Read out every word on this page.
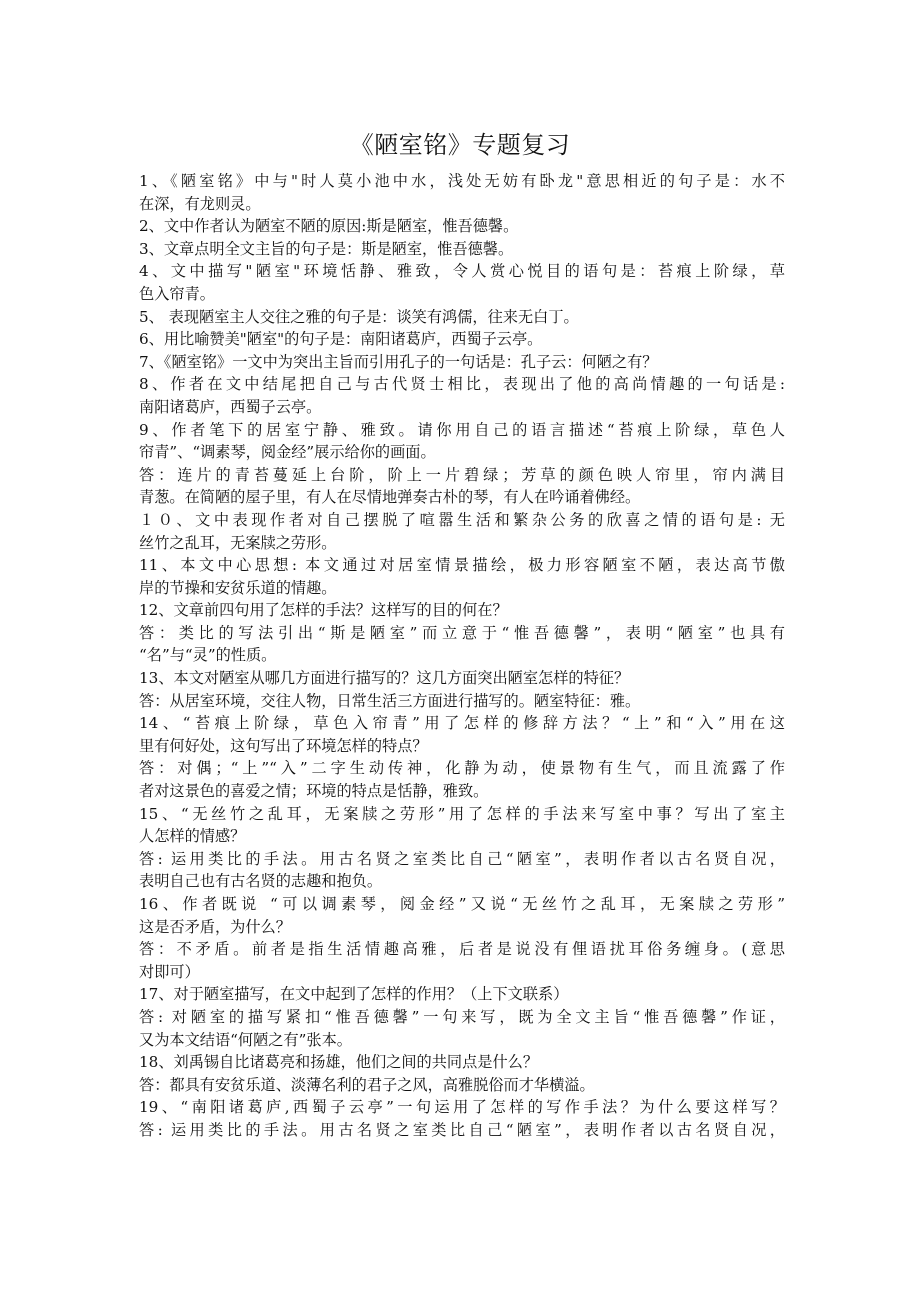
《陋室铭》专题复习
1、《陋室铭》中与"时人莫小池中水，浅处无妨有卧龙"意思相近的句子是：水不
在深，有龙则灵。
2、文中作者认为陋室不陋的原因:斯是陋室，惟吾德馨。
3、文章点明全文主旨的句子是：斯是陋室，惟吾德馨。
4、文中描写"陋室"环境恬静、雅致，令人赏心悦目的语句是：苔痕上阶绿，草
色入帘青。
5、 表现陋室主人交往之雅的句子是：谈笑有鸿儒，往来无白丁。
6、用比喻赞美"陋室"的句子是：南阳诸葛庐，西蜀子云亭。
7、《陋室铭》一文中为突出主旨而引用孔子的一句话是：孔子云：何陋之有？
8、作者在文中结尾把自己与古代贤士相比，表现出了他的高尚情趣的一句话是:
南阳诸葛庐，西蜀子云亭。
9、作者笔下的居室宁静、雅致。请你用自己的语言描述“苔痕上阶绿，草色人
帘青”、“调素琴，阅金经”展示给你的画面。
答：连片的青苔蔓延上台阶，阶上一片碧绿；芳草的颜色映人帘里，帘内满目
青葱。在简陋的屋子里，有人在尽情地弹奏古朴的琴，有人在吟诵着佛经。
１０、文中表现作者对自己摆脱了喧嚣生活和繁杂公务的欣喜之情的语句是: 无
丝竹之乱耳，无案牍之劳形。
11、本文中心思想: 本文通过对居室情景描绘，极力形容陋室不陋，表达高节傲
岸的节操和安贫乐道的情趣。
12、文章前四句用了怎样的手法？这样写的目的何在？
答：类比的写法引出“斯是陋室”而立意于“惟吾德馨”，表明“陋室”也具有
“名”与“灵”的性质。
13、本文对陋室从哪几方面进行描写的？这几方面突出陋室怎样的特征？
答：从居室环境，交往人物，日常生活三方面进行描写的。陋室特征：雅。
14、“苔痕上阶绿，草色入帘青”用了怎样的修辞方法？“上”和“入”用在这
里有何好处，这句写出了环境怎样的特点？
答：对偶；“上”“入”二字生动传神，化静为动，使景物有生气，而且流露了作
者对这景色的喜爱之情；环境的特点是恬静，雅致。
15、“无丝竹之乱耳，无案牍之劳形”用了怎样的手法来写室中事？写出了室主
人怎样的情感？
答: 运用类比的手法。用古名贤之室类比自己“陋室”，表明作者以古名贤自况，
表明自己也有古名贤的志趣和抱负。
16、作者既说 “可以调素琴，阅金经”又说“无丝竹之乱耳，无案牍之劳形”
这是否矛盾，为什么？
答：不矛盾。前者是指生活情趣高雅，后者是说没有俚语扰耳俗务缠身。(意思
对即可）
17、对于陋室描写，在文中起到了怎样的作用？（上下文联系）
答: 对陋室的描写紧扣“惟吾德馨”一句来写，既为全文主旨“惟吾德馨”作证，
又为本文结语“何陋之有”张本。
18、刘禹锡自比诸葛亮和扬雄，他们之间的共同点是什么？
答：都具有安贫乐道、淡薄名利的君子之风，高雅脱俗而才华横溢。
19、“南阳诸葛庐,西蜀子云亭”一句运用了怎样的写作手法？为什么要这样写？
答: 运用类比的手法。用古名贤之室类比自己“陋室”，表明作者以古名贤自况，
